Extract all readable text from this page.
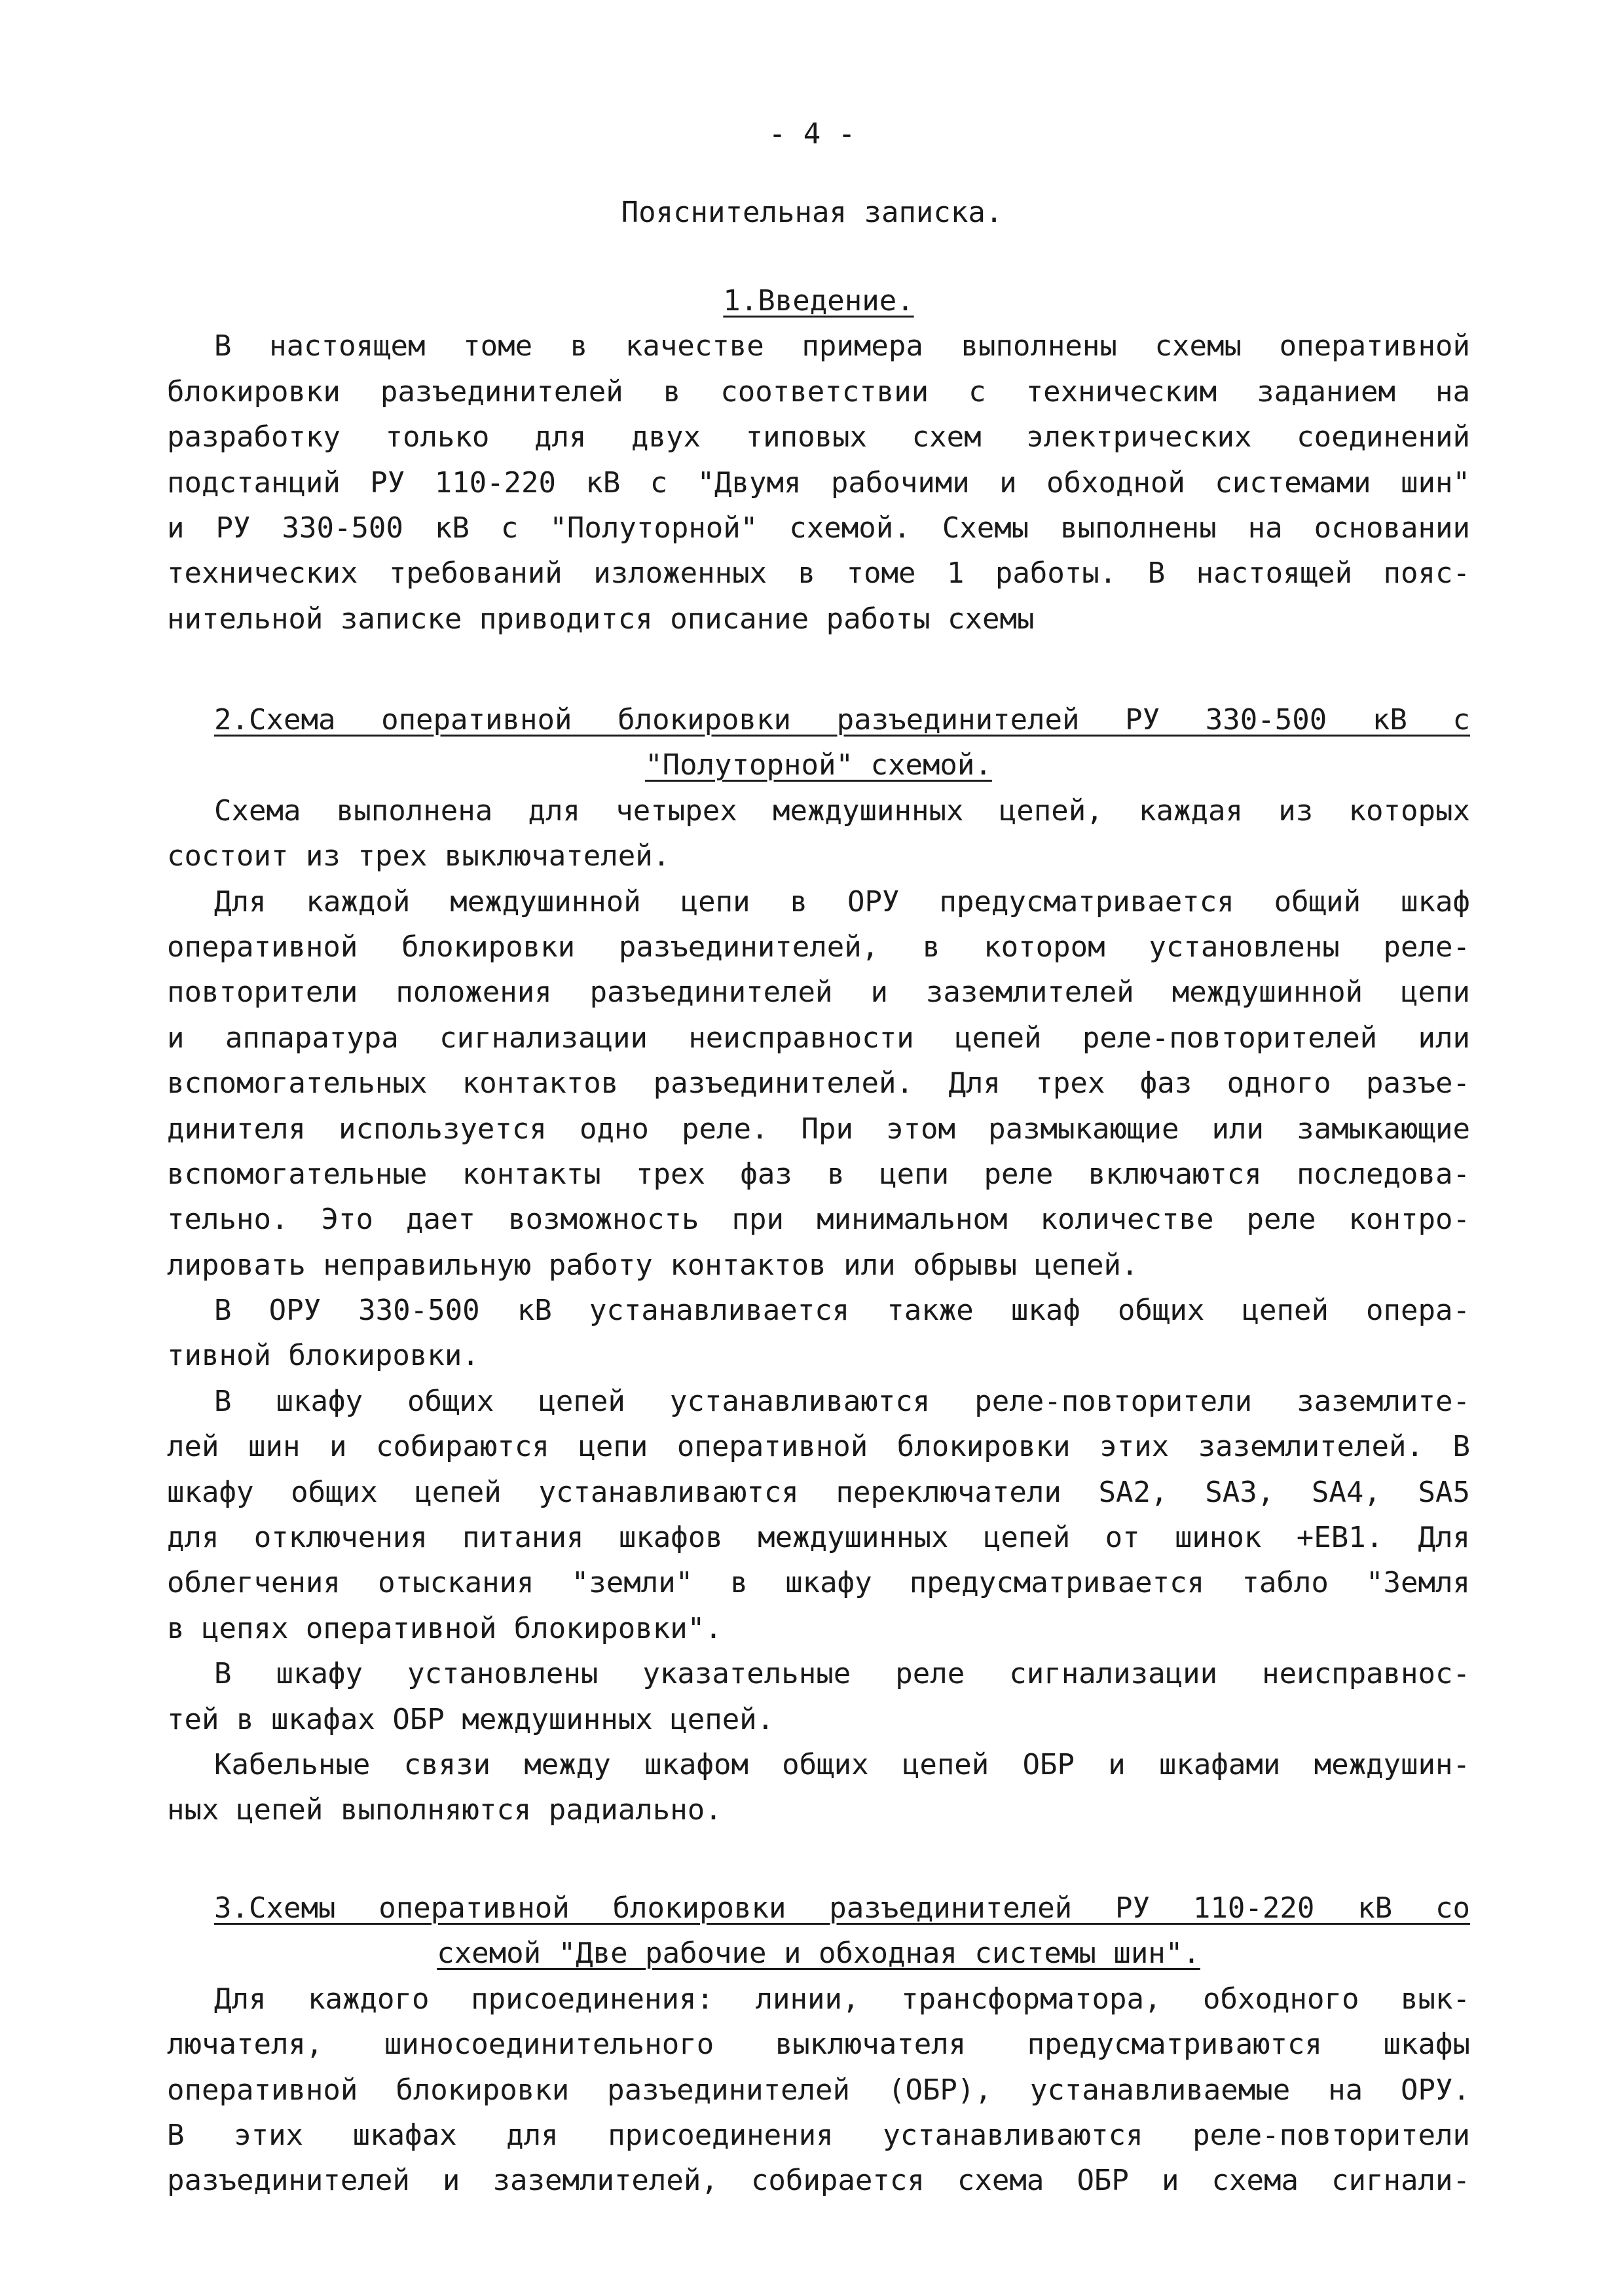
- 4 -
Пояснительная записка.
1.Введение.
В настоящем томе в качестве примера выполнены схемы оперативной
блокировки разъединителей в соответствии с техническим заданием на
разработку только для двух типовых схем электрических соединений
подстанций РУ 110-220 кВ с "Двумя рабочими и обходной системами шин"
и РУ 330-500 кВ с "Полуторной" схемой. Схемы выполнены на основании
технических требований изложенных в томе 1 работы. В настоящей пояс-
нительной записке приводится описание работы схемы
2.Схема оперативной блокировки разъединителей РУ 330-500 кВ с
"Полуторной" схемой.
Схема выполнена для четырех междушинных цепей, каждая из которых
состоит из трех выключателей.
Для каждой междушинной цепи в ОРУ предусматривается общий шкаф
оперативной блокировки разъединителей, в котором установлены реле-
повторители положения разъединителей и заземлителей междушинной цепи
и аппаратура сигнализации неисправности цепей реле-повторителей или
вспомогательных контактов разъединителей. Для трех фаз одного разъе-
динителя используется одно реле. При этом размыкающие или замыкающие
вспомогательные контакты трех фаз в цепи реле включаются последова-
тельно. Это дает возможность при минимальном количестве реле контро-
лировать неправильную работу контактов или обрывы цепей.
В ОРУ 330-500 кВ устанавливается также шкаф общих цепей опера-
тивной блокировки.
В шкафу общих цепей устанавливаются реле-повторители заземлите-
лей шин и собираются цепи оперативной блокировки этих заземлителей. В
шкафу общих цепей устанавливаются переключатели SA2, SA3, SA4, SA5
для отключения питания шкафов междушинных цепей от шинок +ЕВ1. Для
облегчения отыскания "земли" в шкафу предусматривается табло "Земля
в цепях оперативной блокировки".
В шкафу установлены указательные реле сигнализации неисправнос-
тей в шкафах ОБР междушинных цепей.
Кабельные связи между шкафом общих цепей ОБР и шкафами междушин-
ных цепей выполняются радиально.
3.Схемы оперативной блокировки разъединителей РУ 110-220 кВ со
схемой "Две рабочие и обходная системы шин".
Для каждого присоединения: линии, трансформатора, обходного вык-
лючателя, шиносоединительного выключателя предусматриваются шкафы
оперативной блокировки разъединителей (ОБР), устанавливаемые на ОРУ.
В этих шкафах для присоединения устанавливаются реле-повторители
разъединителей и заземлителей, собирается схема ОБР и схема сигнали-
